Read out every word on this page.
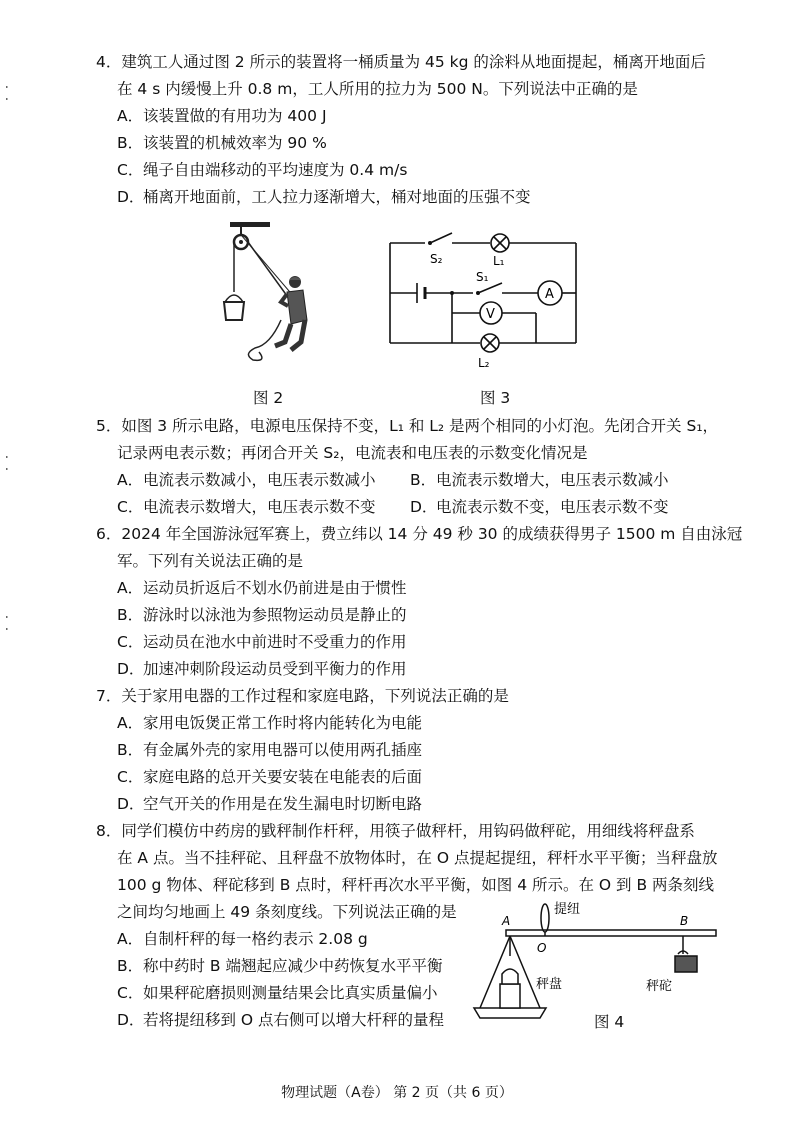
4．建筑工人通过图 2 所示的装置将一桶质量为 45 kg 的涂料从地面提起，桶离开地面后
在 4 s 内缓慢上升 0.8 m，工人所用的拉力为 500 N。下列说法中正确的是
A．该装置做的有用功为 400 J
B．该装置的机械效率为 90 %
C．绳子自由端移动的平均速度为 0.4 m/s
D．桶离开地面前，工人拉力逐渐增大，桶对地面的压强不变
图 2
S₂	L₁
S₁
A
V
L₂
图 3
5．如图 3 所示电路，电源电压保持不变，L₁ 和 L₂ 是两个相同的小灯泡。先闭合开关 S₁，
记录两电表示数；再闭合开关 S₂，电流表和电压表的示数变化情况是
A．电流表示数减小，电压表示数减小 B．电流表示数增大，电压表示数减小
C．电流表示数增大，电压表示数不变 D．电流表示数不变，电压表示数不变
6．2024 年全国游泳冠军赛上，费立纬以 14 分 49 秒 30 的成绩获得男子 1500 m 自由泳冠
军。下列有关说法正确的是
A．运动员折返后不划水仍前进是由于惯性
B．游泳时以泳池为参照物运动员是静止的
C．运动员在池水中前进时不受重力的作用
D．加速冲刺阶段运动员受到平衡力的作用
7．关于家用电器的工作过程和家庭电路，下列说法正确的是
A．家用电饭煲正常工作时将内能转化为电能
B．有金属外壳的家用电器可以使用两孔插座
C．家庭电路的总开关要安装在电能表的后面
D．空气开关的作用是在发生漏电时切断电路
8．同学们模仿中药房的戥秤制作杆秤，用筷子做秤杆，用钩码做秤砣，用细线将秤盘系
在 A 点。当不挂秤砣、且秤盘不放物体时，在 O 点提起提纽，秤杆水平平衡；当秤盘放
100 g 物体、秤砣移到 B 点时，秤杆再次水平平衡，如图 4 所示。在 O 到 B 两条刻线
之间均匀地画上 49 条刻度线。下列说法正确的是
A．自制杆秤的每一格约表示 2.08 g
B．称中药时 B 端翘起应减少中药恢复水平平衡
C．如果秤砣磨损则测量结果会比真实质量偏小
D．若将提纽移到 O 点右侧可以增大杆秤的量程
A
O
B
提纽
秤盘	秤砣
图 4
物理试题（A卷） 第 2 页（共 6 页）
